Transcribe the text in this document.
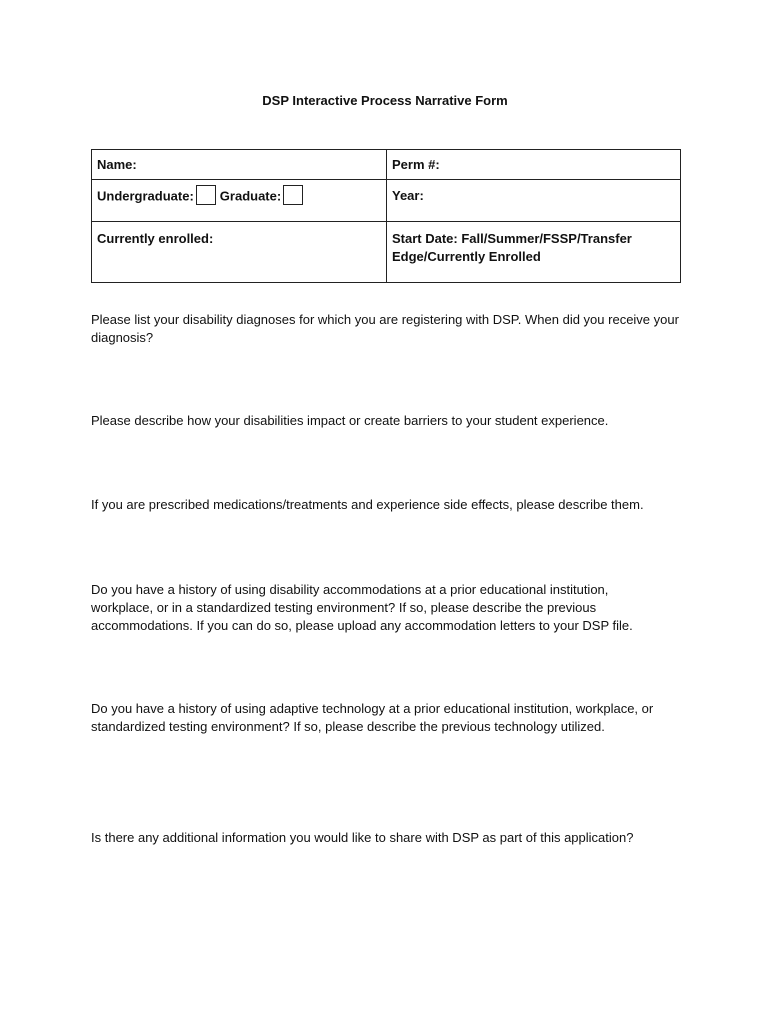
DSP Interactive Process Narrative Form
Name:	Perm #:
Undergraduate: Graduate:	Year:
Currently enrolled:	Start Date: Fall/Summer/FSSP/Transfer Edge/Currently Enrolled
Please list your disability diagnoses for which you are registering with DSP. When did you receive your diagnosis?
Please describe how your disabilities impact or create barriers to your student experience.
If you are prescribed medications/treatments and experience side effects, please describe them.
Do you have a history of using disability accommodations at a prior educational institution, workplace, or in a standardized testing environment? If so, please describe the previous accommodations. If you can do so, please upload any accommodation letters to your DSP file.
Do you have a history of using adaptive technology at a prior educational institution, workplace, or standardized testing environment? If so, please describe the previous technology utilized.
Is there any additional information you would like to share with DSP as part of this application?
